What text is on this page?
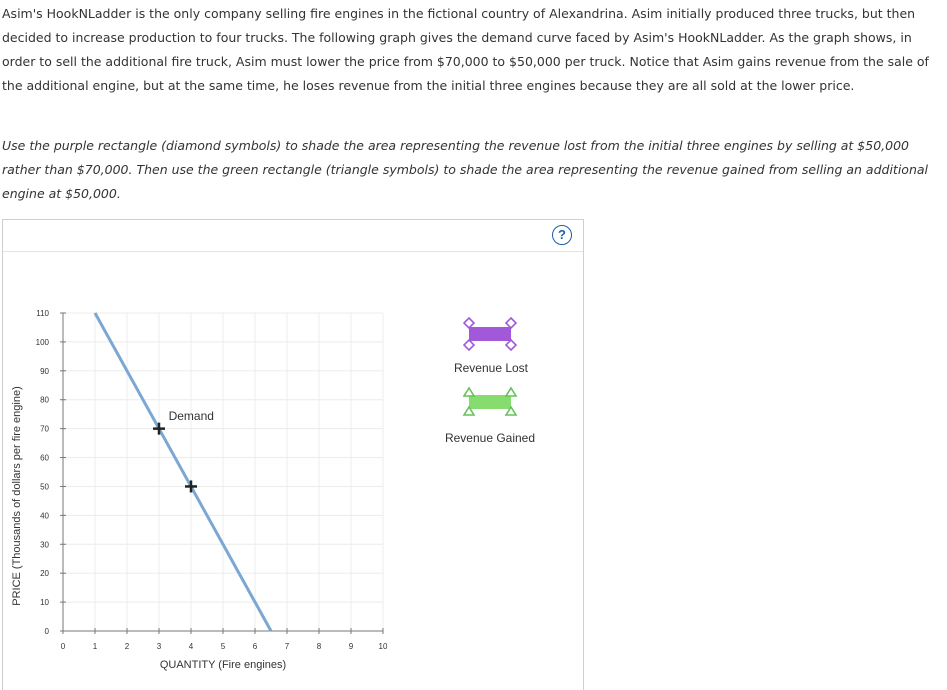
Asim's HookNLadder is the only company selling fire engines in the fictional country of Alexandrina. Asim initially produced three trucks, but then decided to increase production to four trucks. The following graph gives the demand curve faced by Asim's HookNLadder. As the graph shows, in order to sell the additional fire truck, Asim must lower the price from $70,000 to $50,000 per truck. Notice that Asim gains revenue from the sale of the additional engine, but at the same time, he loses revenue from the initial three engines because they are all sold at the lower price.

Use the purple rectangle (diamond symbols) to shade the area representing the revenue lost from the initial three engines by selling at $50,000 rather than $70,000. Then use the green rectangle (triangle symbols) to shade the area representing the revenue gained from selling an additional engine at $50,000.

?
0	1	2	3	4	5	6	7	8	9	10
0
10
20
30
40
50
60
70
80
90
100
110
Demand
QUANTITY (Fire engines)
PRICE (Thousands of dollars per fire engine)
Revenue Lost
Revenue Gained
